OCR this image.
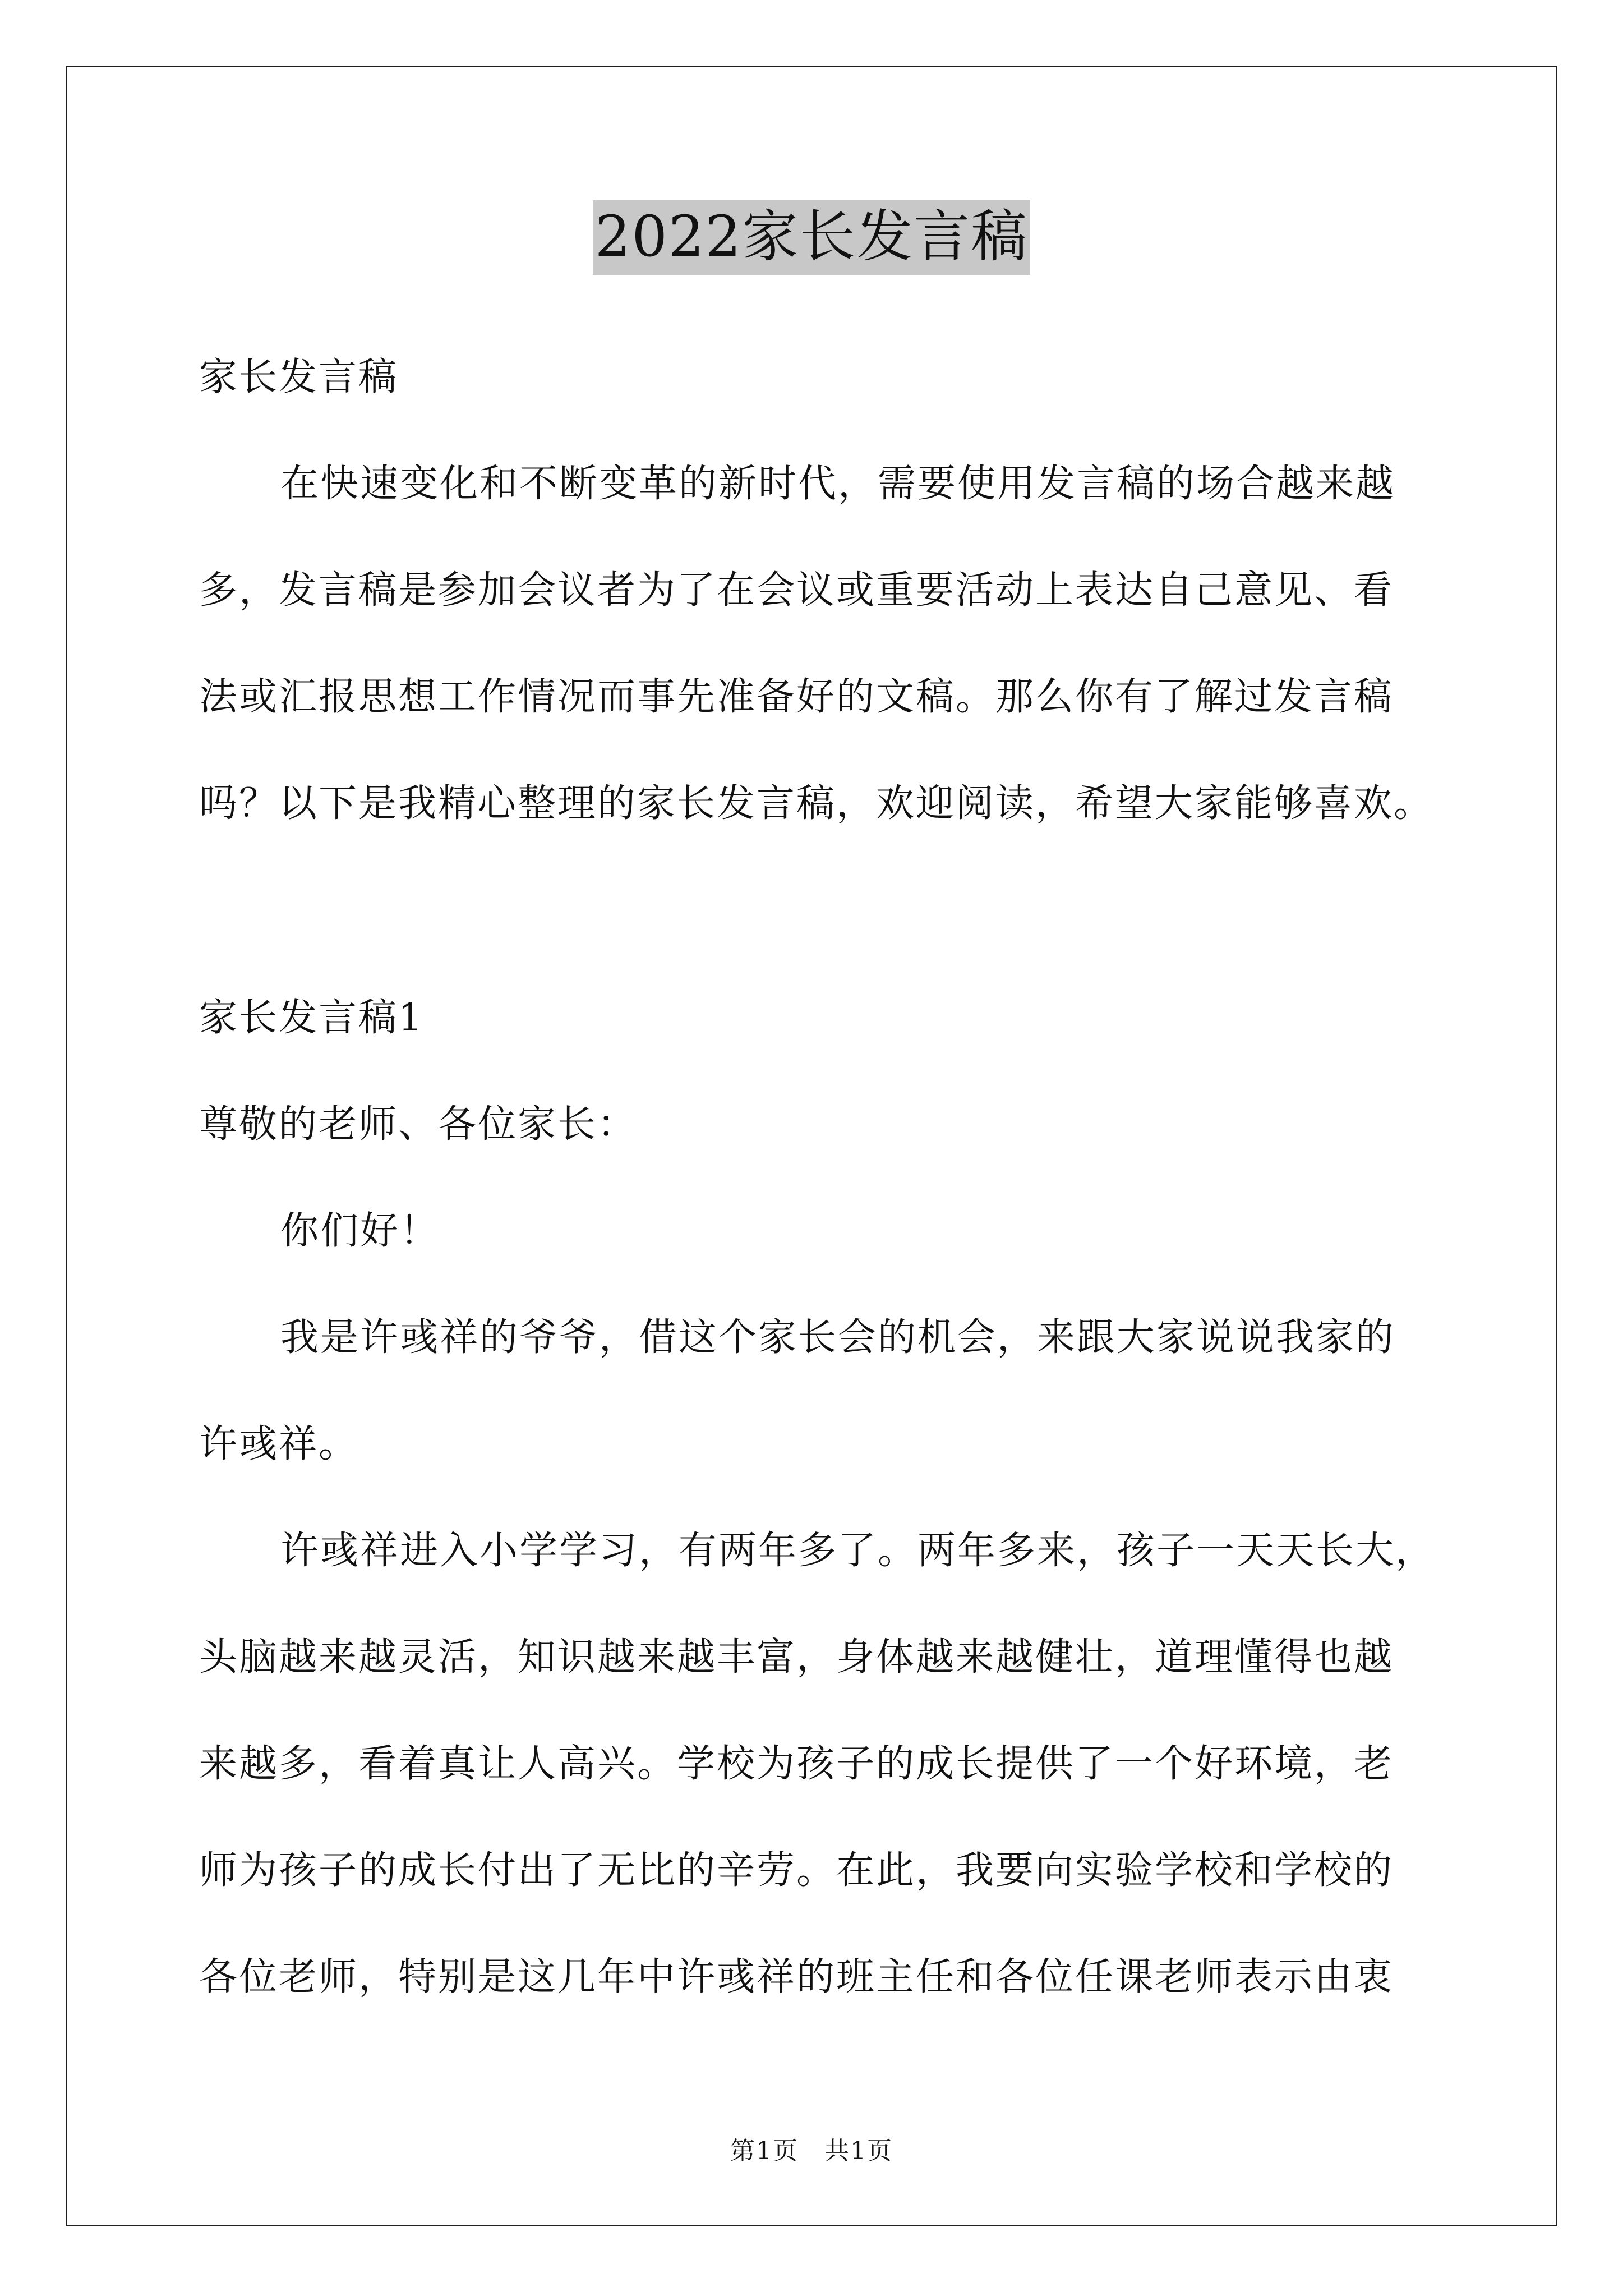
2022家长发言稿
家长发言稿
在快速变化和不断变革的新时代，需要使用发言稿的场合越来越
多，发言稿是参加会议者为了在会议或重要活动上表达自己意见、看
法或汇报思想工作情况而事先准备好的文稿。那么你有了解过发言稿
吗？以下是我精心整理的家长发言稿，欢迎阅读，希望大家能够喜欢。
家长发言稿1
尊敬的老师、各位家长：
你们好！
我是许彧祥的爷爷，借这个家长会的机会，来跟大家说说我家的
许彧祥。
许彧祥进入小学学习，有两年多了。两年多来，孩子一天天长大，
头脑越来越灵活，知识越来越丰富，身体越来越健壮，道理懂得也越
来越多，看着真让人高兴。学校为孩子的成长提供了一个好环境，老
师为孩子的成长付出了无比的辛劳。在此，我要向实验学校和学校的
各位老师，特别是这几年中许彧祥的班主任和各位任课老师表示由衷
第1页　共1页
